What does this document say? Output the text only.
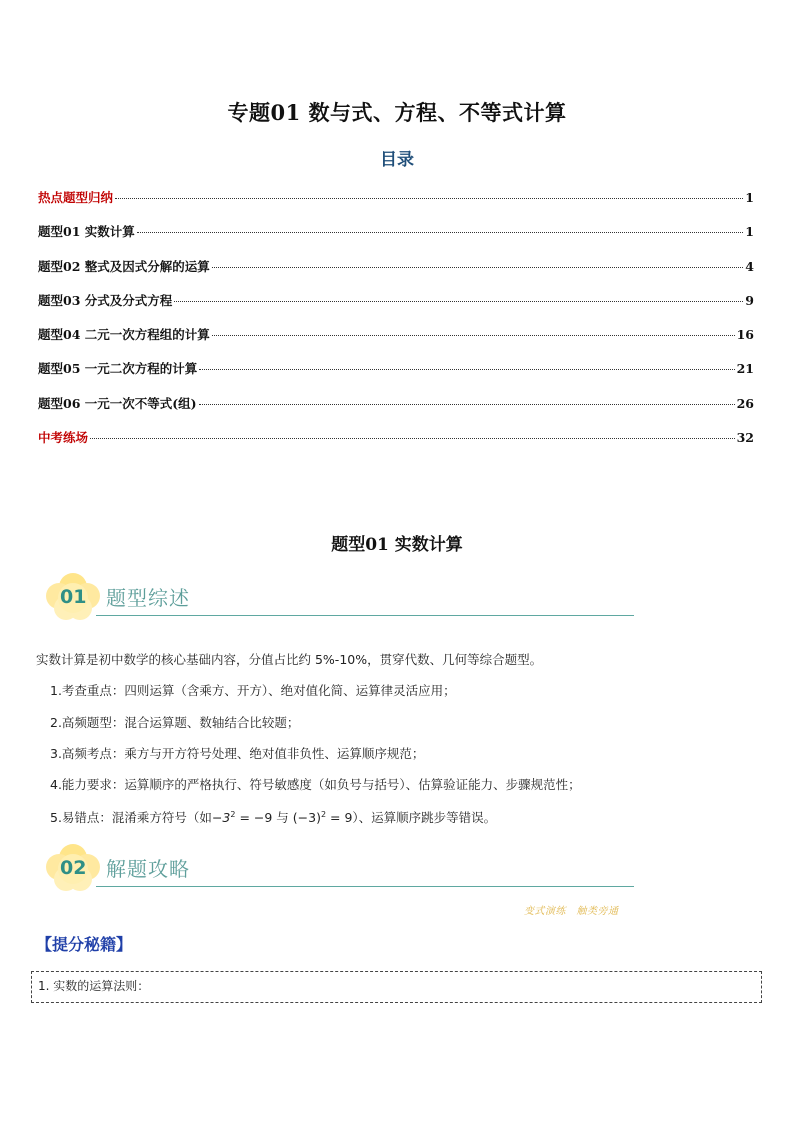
专题01 数与式、方程、不等式计算
目录
热点题型归纳	1
题型01 实数计算	1
题型02 整式及因式分解的运算	4
题型03 分式及分式方程	9
题型04 二元一次方程组的计算	16
题型05 一元二次方程的计算	21
题型06 一元一次不等式(组)	26
中考练场	32
题型01 实数计算
01 题型综述
实数计算是初中数学的核心基础内容，分值占比约 5%-10%，贯穿代数、几何等综合题型。
1.考查重点：四则运算（含乘方、开方）、绝对值化简、运算律灵活应用；
2.高频题型：混合运算题、数轴结合比较题；
3.高频考点：乘方与开方符号处理、绝对值非负性、运算顺序规范；
4.能力要求：运算顺序的严格执行、符号敏感度（如负号与括号）、估算验证能力、步骤规范性；
5.易错点：混淆乘方符号（如$-3^2 = -9$ 与 $(-3)^2 = 9$）、运算顺序跳步等错误。
02 解题攻略
变式演练　触类旁通
【提分秘籍】
1. 实数的运算法则：
